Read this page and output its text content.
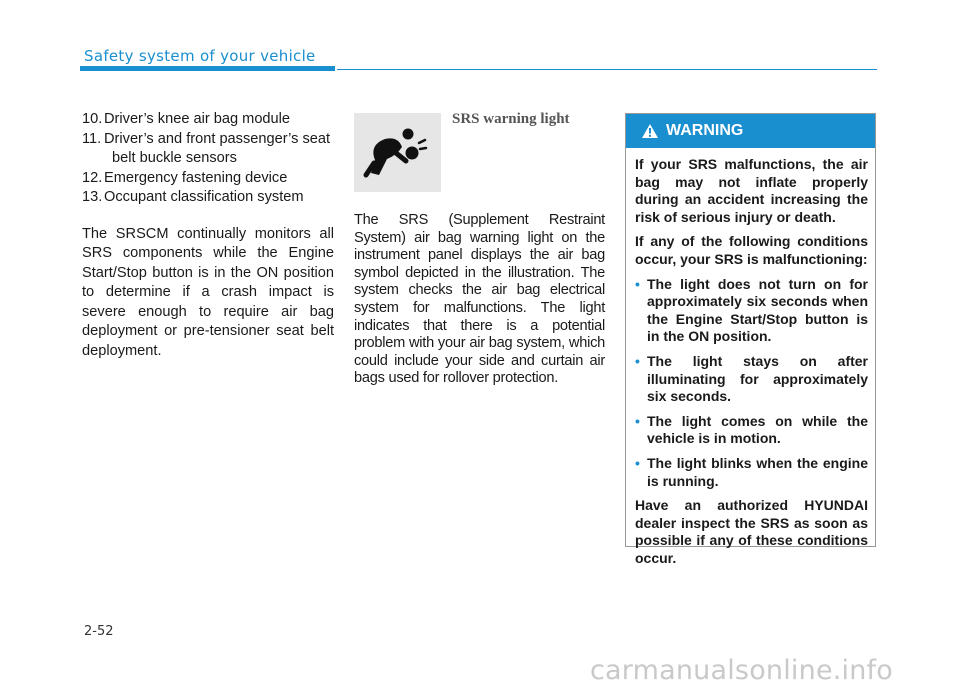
Safety system of your vehicle
10. Driver’s knee air bag module
11. Driver’s and front passenger’s seat belt buckle sensors
12. Emergency fastening device
13. Occupant classification system
The SRSCM continually monitors all SRS components while the Engine Start/Stop button is in the ON position to determine if a crash impact is severe enough to require air bag deployment or pre-tensioner seat belt deployment.
SRS warning light
The SRS (Supplement Restraint System) air bag warning light on the instrument panel displays the air bag symbol depicted in the illustration. The system checks the air bag electrical system for malfunctions. The light indicates that there is a potential problem with your air bag system, which could include your side and curtain air bags used for rollover protection.
WARNING
If your SRS malfunctions, the air bag may not inflate properly during an accident increasing the risk of serious injury or death.
If any of the following conditions occur, your SRS is malfunctioning:
• The light does not turn on for approximately six seconds when the Engine Start/Stop button is in the ON position.
• The light stays on after illuminating for approximately six seconds.
• The light comes on while the vehicle is in motion.
• The light blinks when the engine is running.
Have an authorized HYUNDAI dealer inspect the SRS as soon as possible if any of these conditions occur.
2-52
carmanualsonline.info
